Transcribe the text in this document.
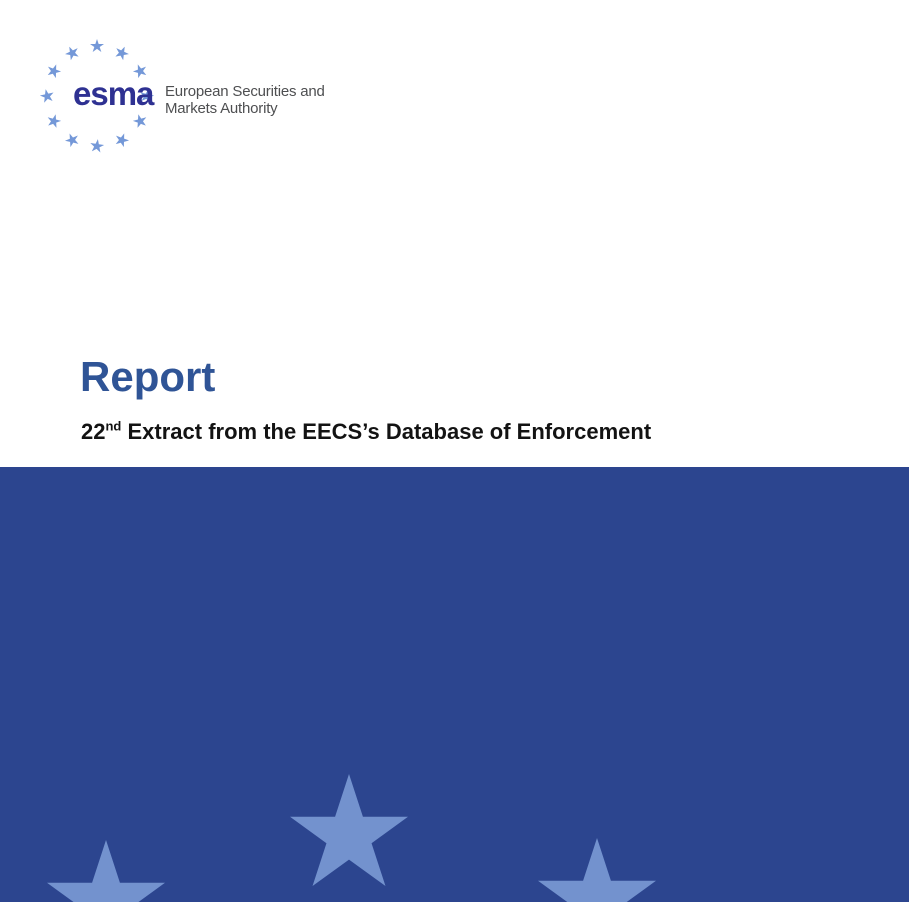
esma European Securities and
Markets Authority
Report
22nd Extract from the EECS’s Database of Enforcement
